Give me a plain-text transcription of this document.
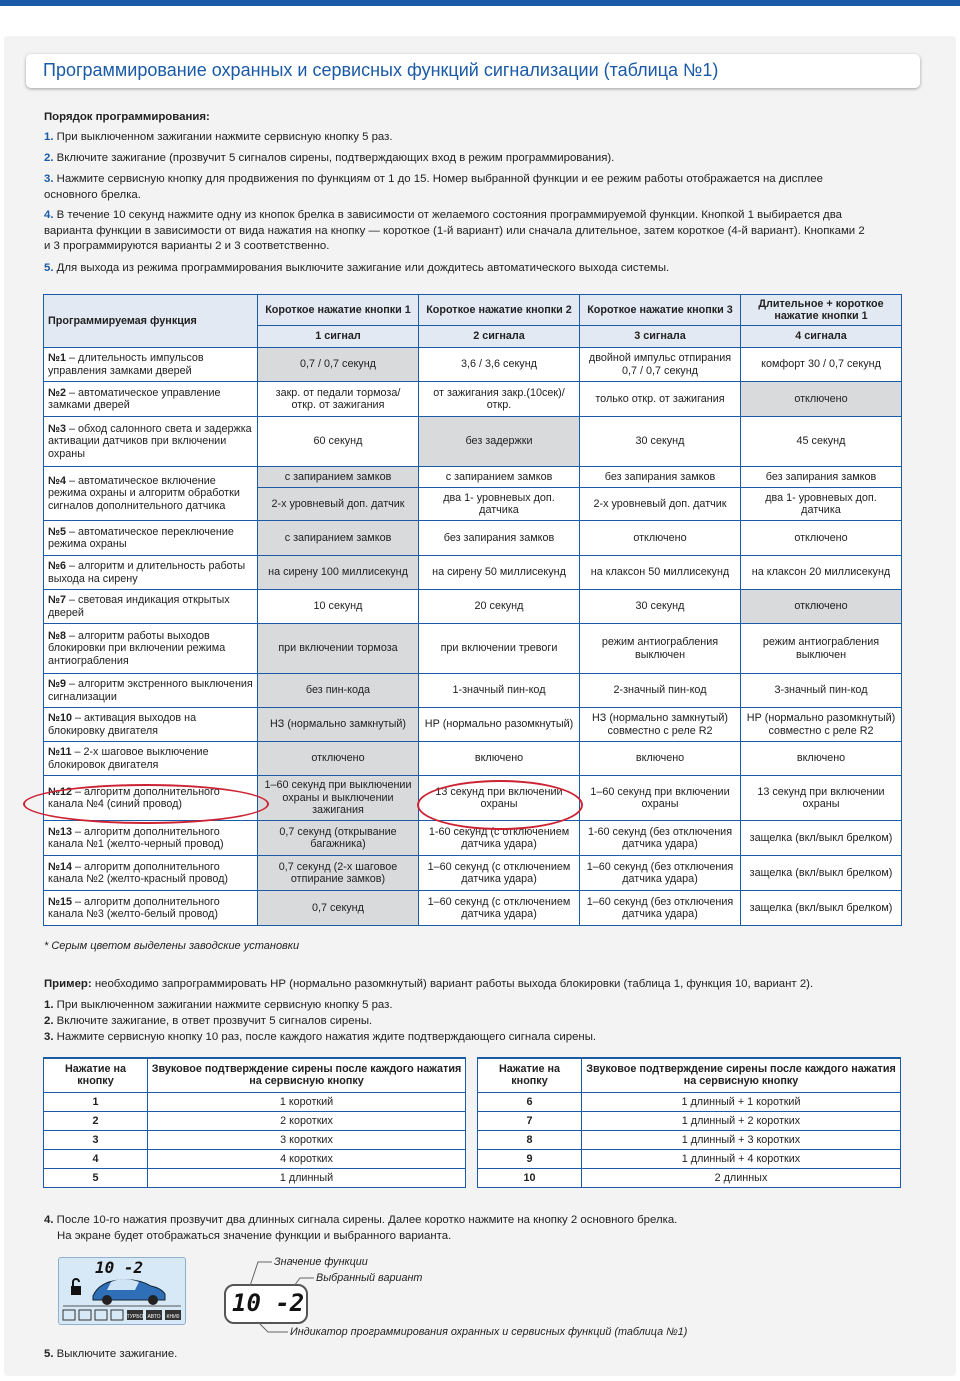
Программирование охранных и сервисных функций сигнализации (таблица №1)
Порядок программирования:
1. При выключенном зажигании нажмите сервисную кнопку 5 раз.
2. Включите зажигание (прозвучит 5 сигналов сирены, подтверждающих вход в режим программирования).
3. Нажмите сервисную кнопку для продвижения по функциям от 1 до 15. Номер выбранной функции и ее режим работы отображается на дисплее основного брелка.
4. В течение 10 секунд нажмите одну из кнопок брелка в зависимости от желаемого состояния программируемой функции. Кнопкой 1 выбирается два варианта функции в зависимости от вида нажатия на кнопку — короткое (1-й вариант) или сначала длительное, затем короткое (4-й вариант). Кнопками 2 и 3 программируются варианты 2 и 3 соответственно.
5. Для выхода из режима программирования выключите зажигание или дождитесь автоматического выхода системы.
Программируемая функция	Короткое нажатие кнопки 1	Короткое нажатие кнопки 2	Короткое нажатие кнопки 3	Длительное + короткое нажатие кнопки 1
	1 сигнал	2 сигнала	3 сигнала	4 сигнала
№1 – длительность импульсов управления замками дверей	0,7 / 0,7 секунд	3,6 / 3,6 секунд	двойной импульс отпирания 0,7 / 0,7 секунд	комфорт 30 / 0,7 секунд
№2 – автоматическое управление замками дверей	закр. от педали тормоза/ откр. от зажигания	от зажигания закр.(10сек)/ откр.	только откр. от зажигания	отключено
№3 – обход салонного света и задержка активации датчиков при включении охраны	60 секунд	без задержки	30 секунд	45 секунд
№4 – автоматическое включение режима охраны и алгоритм обработки сигналов дополнительного датчика	с запиранием замков	с запиранием замков	без запирания замков	без запирания замков
	2-х уровневый доп. датчик	два 1- уровневых доп. датчика	2-х уровневый доп. датчик	два 1- уровневых доп. датчика
№5 – автоматическое переключение режима охраны	с запиранием замков	без запирания замков	отключено	отключено
№6 – алгоритм и длительность работы выхода на сирену	на сирену 100 миллисекунд	на сирену 50 миллисекунд	на клаксон 50 миллисекунд	на клаксон 20 миллисекунд
№7 – световая индикация открытых дверей	10 секунд	20 секунд	30 секунд	отключено
№8 – алгоритм работы выходов блокировки при включении режима антиограбления	при включении тормоза	при включении тревоги	режим антиограбления выключен	режим антиограбления выключен
№9 – алгоритм экстренного выключения сигнализации	без пин-кода	1-значный пин-код	2-значный пин-код	3-значный пин-код
№10 – активация выходов на блокировку двигателя	НЗ (нормально замкнутый)	НР (нормально разомкнутый)	НЗ (нормально замкнутый) совместно с реле R2	НР (нормально разомкнутый) совместно с реле R2
№11 – 2-х шаговое выключение блокировок двигателя	отключено	включено	включено	включено
№12 – алгоритм дополнительного канала №4 (синий провод)	1–60 секунд при выключении охраны и выключении зажигания	13 секунд при включении охраны	1–60 секунд при включении охраны	13 секунд при включении охраны
№13 – алгоритм дополнительного канала №1 (желто-черный провод)	0,7 секунд (открывание багажника)	1-60 секунд (с отключением датчика удара)	1-60 секунд (без отключения датчика удара)	защелка (вкл/выкл брелком)
№14 – алгоритм дополнительного канала №2 (желто-красный провод)	0,7 секунд (2-х шаговое отпирание замков)	1–60 секунд (с отключением датчика удара)	1–60 секунд (без отключения датчика удара)	защелка (вкл/выкл брелком)
№15 – алгоритм дополнительного канала №3 (желто-белый провод)	0,7 секунд	1–60 секунд (с отключением датчика удара)	1–60 секунд (без отключения датчика удара)	защелка (вкл/выкл брелком)
* Серым цветом выделены заводские установки
Пример: необходимо запрограммировать НР (нормально разомкнутый) вариант работы выхода блокировки (таблица 1, функция 10, вариант 2).
1. При выключенном зажигании нажмите сервисную кнопку 5 раз.
2. Включите зажигание, в ответ прозвучит 5 сигналов сирены.
3. Нажмите сервисную кнопку 10 раз, после каждого нажатия ждите подтверждающего сигнала сирены.
Нажатие на кнопку	Звуковое подтверждение сирены после каждого нажатия на сервисную кнопку
1	1 короткий
2	2 коротких
3	3 коротких
4	4 коротких
5	1 длинный
Нажатие на кнопку	Звуковое подтверждение сирены после каждого нажатия на сервисную кнопку
6	1 длинный + 1 короткий
7	1 длинный + 2 коротких
8	1 длинный + 3 коротких
9	1 длинный + 4 коротких
10	2 длинных
4. После 10-го нажатия прозвучит два длинных сигнала сирены. Далее коротко нажмите на кнопку 2 основного брелка.
На экране будет отображаться значение функции и выбранного варианта.
10 -2
ТУРБО АВТО КНИ0 10 -2
Значение функции
Выбранный вариант
Индикатор программирования охранных и сервисных функций (таблица №1)
5. Выключите зажигание.
